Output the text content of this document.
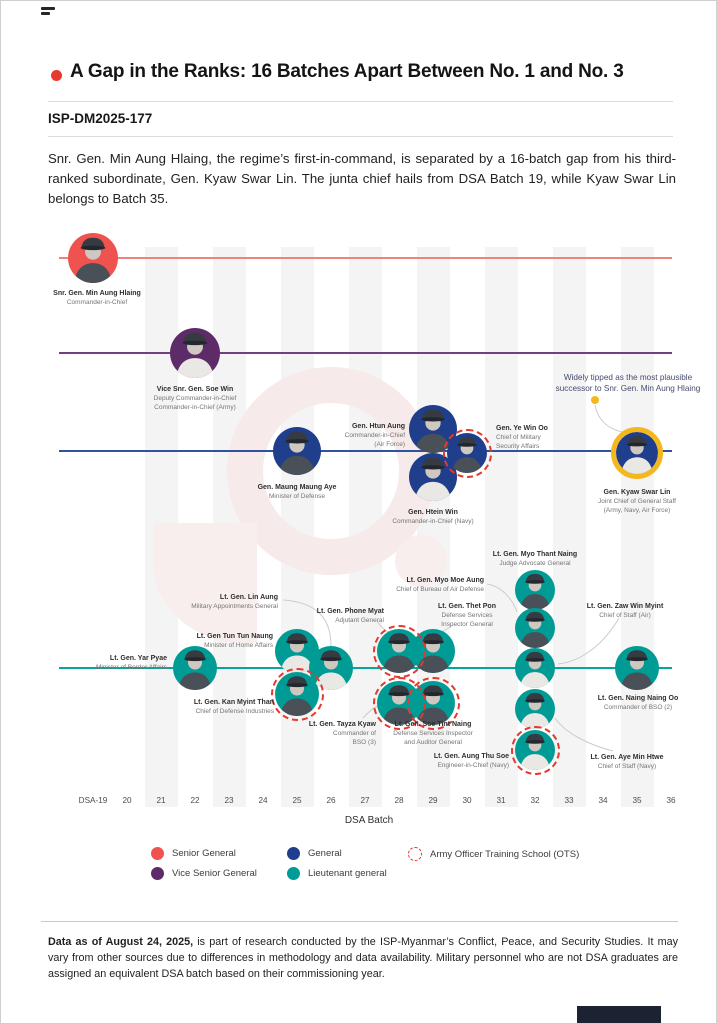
A Gap in the Ranks: 16 Batches Apart Between No. 1 and No. 3
ISP-DM2025-177

Snr. Gen. Min Aung Hlaing, the regime’s first-in-command, is separated by a 16-batch gap from his third-ranked subordinate, Gen. Kyaw Swar Lin. The junta chief hails from DSA Batch 19, while Kyaw Swar Lin belongs to Batch 35.

DSA-19 20	21	22	23	24	25	26	27	28	29	30	31	32	33	34	35	36
Snr. Gen. Min Aung Hlaing
Commander-in-Chief
Vice Snr. Gen. Soe Win
Deputy Commander-in-Chief
Commander-in-Chief (Army)
Gen. Maung Maung Aye
Minister of Defense
Gen. Htun Aung
Commander-in-Chief
(Air Force)
Gen. Htein Win
Commander-in-Chief (Navy)
Gen. Ye Win Oo
Chief of Military
Security Affairs
Gen. Kyaw Swar Lin
Joint Chief of General Staff
(Army, Navy, Air Force)
Lt. Gen. Yar Pyae
Minister of Border Affairs
Lt. Gen Tun Tun Naung
Minister of Home Affairs
Lt. Gen. Kan Myint Than
Chief of Defense Industries
Lt. Gen. Lin Aung
Military Appointments General
Lt. Gen. Phone Myat
Adjutant General
Lt. Gen. Thet Pon
Defense Services
Inspector General
Lt. Gen. Tayza Kyaw
Commander of
BSO (3)
Lt. Gen. Soe Tint Naing
Defense Services Inspector
and Auditor General
Lt. Gen. Myo Thant Naing
Judge Advocate General
Lt. Gen. Myo Moe Aung
Chief of Bureau of Air Defense
Lt. Gen. Zaw Win Myint
Chief of Staff (Air)
Lt. Gen. Aye Min Htwe
Chief of Staff (Navy)
Lt. Gen. Aung Thu Soe
Engineer-in-Chief (Navy)
Lt. Gen. Naing Naing Oo
Commander of BSO (2)
Widely tipped as the most plausible
successor to Snr. Gen. Min Aung Hlaing
DSA Batch
Senior General
Vice Senior General
General
Lieutenant general
Army Officer Training School (OTS)

Data as of August 24, 2025, is part of research conducted by the ISP-Myanmar’s Conflict, Peace, and Security Studies. It may vary from other sources due to differences in methodology and data availability. Military personnel who are not DSA graduates are assigned an equivalent DSA batch based on their commissioning year.
